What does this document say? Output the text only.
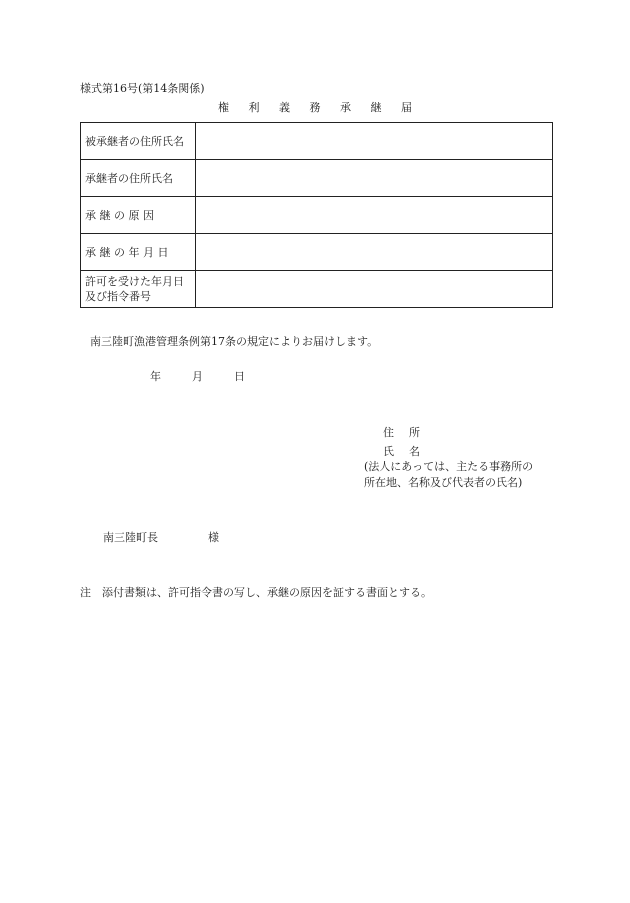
様式第16号(第14条関係)
権 利 義 務 承 継 届
被承継者の住所氏名	
承継者の住所氏名	
承 継 の 原 因	
承 継 の 年 月 日	

許可を受けた年月日
及び指令番号	

南三陸町漁港管理条例第17条の規定によりお届けします。
年	月	日
住　所
氏　名
(法人にあっては、主たる事務所の
所在地、名称及び代表者の氏名)
南三陸町長	様
注　添付書類は、許可指令書の写し、承継の原因を証する書面とする。
